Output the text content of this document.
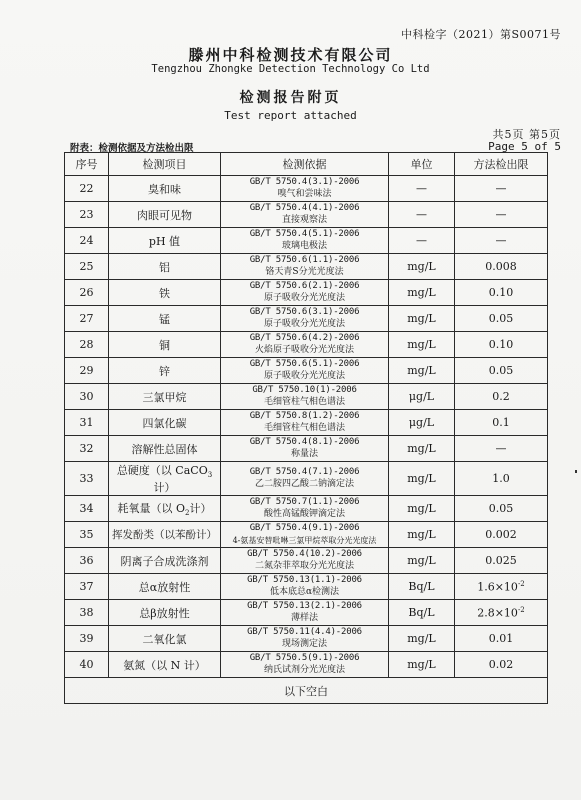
中科检字（2021）第S0071号
滕州中科检测技术有限公司
Tengzhou Zhongke Detection Technology Co Ltd
检测报告附页
Test report attached
共5页 第5页
Page 5 of 5
附表：检测依据及方法检出限
序号	检测项目	检测依据	单位	方法检出限
22	臭和味	GB/T 5750.4(3.1)-2006
嗅气和尝味法	—	—
23	肉眼可见物	GB/T 5750.4(4.1)-2006
直接观察法	—	—
24	pH 值	GB/T 5750.4(5.1)-2006
玻璃电极法	—	—
25	铝	GB/T 5750.6(1.1)-2006
铬天青S分光光度法	mg/L	0.008
26	铁	GB/T 5750.6(2.1)-2006
原子吸收分光光度法	mg/L	0.10
27	锰	GB/T 5750.6(3.1)-2006
原子吸收分光光度法	mg/L	0.05
28	铜	GB/T 5750.6(4.2)-2006
火焰原子吸收分光光度法	mg/L	0.10
29	锌	GB/T 5750.6(5.1)-2006
原子吸收分光光度法	mg/L	0.05
30	三氯甲烷	GB/T 5750.10(1)-2006
毛细管柱气相色谱法	μg/L	0.2
31	四氯化碳	GB/T 5750.8(1.2)-2006
毛细管柱气相色谱法	μg/L	0.1
32	溶解性总固体	GB/T 5750.4(8.1)-2006
称量法	mg/L	—
33	总硬度（以 CaCO$_3$计）	GB/T 5750.4(7.1)-2006
乙二胺四乙酸二钠滴定法	mg/L	1.0
34	耗氧量（以 $O_2$计）	GB/T 5750.7(1.1)-2006
酸性高锰酸钾滴定法	mg/L	0.05
35	挥发酚类（以苯酚计）	GB/T 5750.4(9.1)-2006
4-氨基安替吡啉三氯甲烷萃取分光光度法	mg/L	0.002
36	阴离子合成洗涤剂	GB/T 5750.4(10.2)-2006
二氮杂菲萃取分光光度法	mg/L	0.025
37	总α放射性	GB/T 5750.13(1.1)-2006
低本底总α检测法	Bq/L	$1.6\times 10^{-2}$
38	总β放射性	GB/T 5750.13(2.1)-2006
薄样法	Bq/L	$2.8\times 10^{-2}$
39	二氧化氯	GB/T 5750.11(4.4)-2006
现场测定法	mg/L	0.01
40	氨氮（以 N 计）	GB/T 5750.5(9.1)-2006
纳氏试剂分光光度法	mg/L	0.02
以下空白				
